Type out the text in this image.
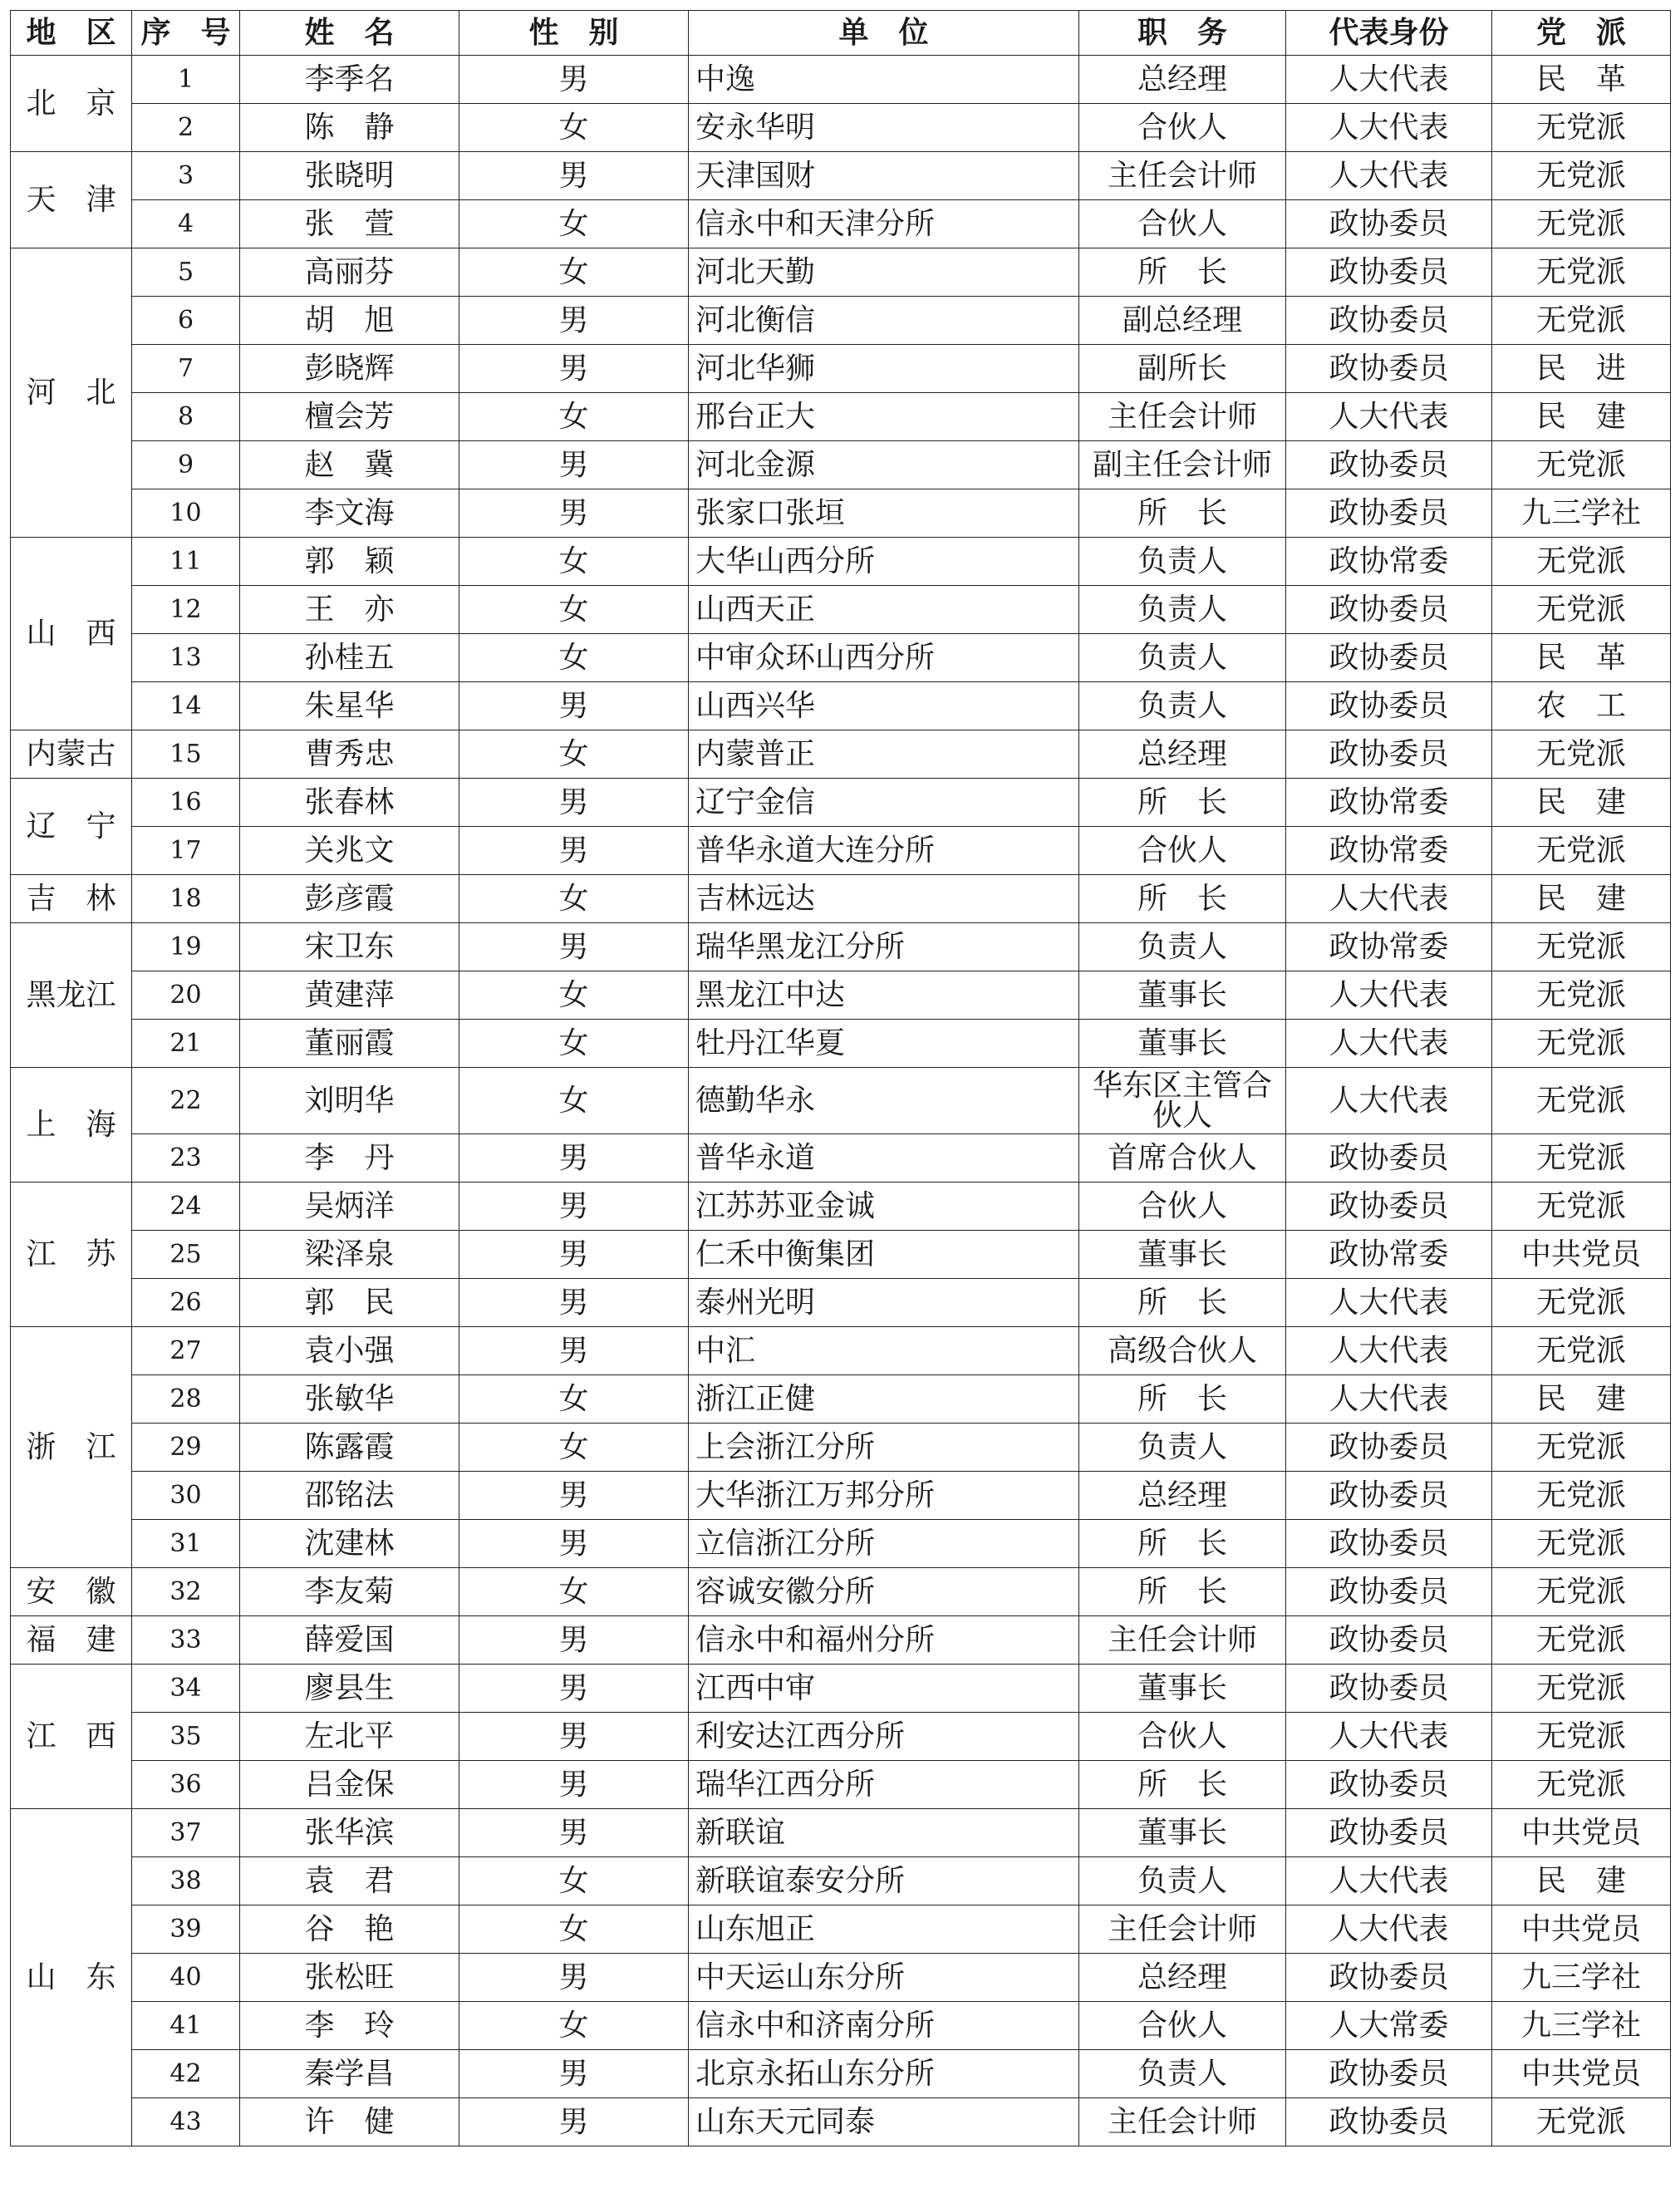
地　区	序　号	姓　名	性　别	单　位	职　务	代表身份	党　派
北　京	1	李季名	男	中逸	总经理	人大代表	民　革
	2	陈　静	女	安永华明	合伙人	人大代表	无党派
天　津	3	张晓明	男	天津国财	主任会计师	人大代表	无党派
	4	张　萱	女	信永中和天津分所	合伙人	政协委员	无党派
河　北	5	高丽芬	女	河北天勤	所　长	政协委员	无党派
	6	胡　旭	男	河北衡信	副总经理	政协委员	无党派
	7	彭晓辉	男	河北华狮	副所长	政协委员	民　进
	8	檀会芳	女	邢台正大	主任会计师	人大代表	民　建
	9	赵　冀	男	河北金源	副主任会计师	政协委员	无党派
	10	李文海	男	张家口张垣	所　长	政协委员	九三学社
山　西	11	郭　颖	女	大华山西分所	负责人	政协常委	无党派
	12	王　亦	女	山西天正	负责人	政协委员	无党派
	13	孙桂五	女	中审众环山西分所	负责人	政协委员	民　革
	14	朱星华	男	山西兴华	负责人	政协委员	农　工
内蒙古	15	曹秀忠	女	内蒙普正	总经理	政协委员	无党派
辽　宁	16	张春林	男	辽宁金信	所　长	政协常委	民　建
	17	关兆文	男	普华永道大连分所	合伙人	政协常委	无党派
吉　林	18	彭彦霞	女	吉林远达	所　长	人大代表	民　建
黑龙江	19	宋卫东	男	瑞华黑龙江分所	负责人	政协常委	无党派
	20	黄建萍	女	黑龙江中达	董事长	人大代表	无党派
	21	董丽霞	女	牡丹江华夏	董事长	人大代表	无党派
上　海	22	刘明华	女	德勤华永	华东区主管合伙人	人大代表	无党派
	23	李　丹	男	普华永道	首席合伙人	政协委员	无党派
江　苏	24	吴炳洋	男	江苏苏亚金诚	合伙人	政协委员	无党派
	25	梁泽泉	男	仁禾中衡集团	董事长	政协常委	中共党员
	26	郭　民	男	泰州光明	所　长	人大代表	无党派
浙　江	27	袁小强	男	中汇	高级合伙人	人大代表	无党派
	28	张敏华	女	浙江正健	所　长	人大代表	民　建
	29	陈露霞	女	上会浙江分所	负责人	政协委员	无党派
	30	邵铭法	男	大华浙江万邦分所	总经理	政协委员	无党派
	31	沈建林	男	立信浙江分所	所　长	政协委员	无党派
安　徽	32	李友菊	女	容诚安徽分所	所　长	政协委员	无党派
福　建	33	薛爱国	男	信永中和福州分所	主任会计师	政协委员	无党派
江　西	34	廖县生	男	江西中审	董事长	政协委员	无党派
	35	左北平	男	利安达江西分所	合伙人	人大代表	无党派
	36	吕金保	男	瑞华江西分所	所　长	政协委员	无党派
山　东	37	张华滨	男	新联谊	董事长	政协委员	中共党员
	38	袁　君	女	新联谊泰安分所	负责人	人大代表	民　建
	39	谷　艳	女	山东旭正	主任会计师	人大代表	中共党员
	40	张松旺	男	中天运山东分所	总经理	政协委员	九三学社
	41	李　玲	女	信永中和济南分所	合伙人	人大常委	九三学社
	42	秦学昌	男	北京永拓山东分所	负责人	政协委员	中共党员
	43	许　健	男	山东天元同泰	主任会计师	政协委员	无党派
